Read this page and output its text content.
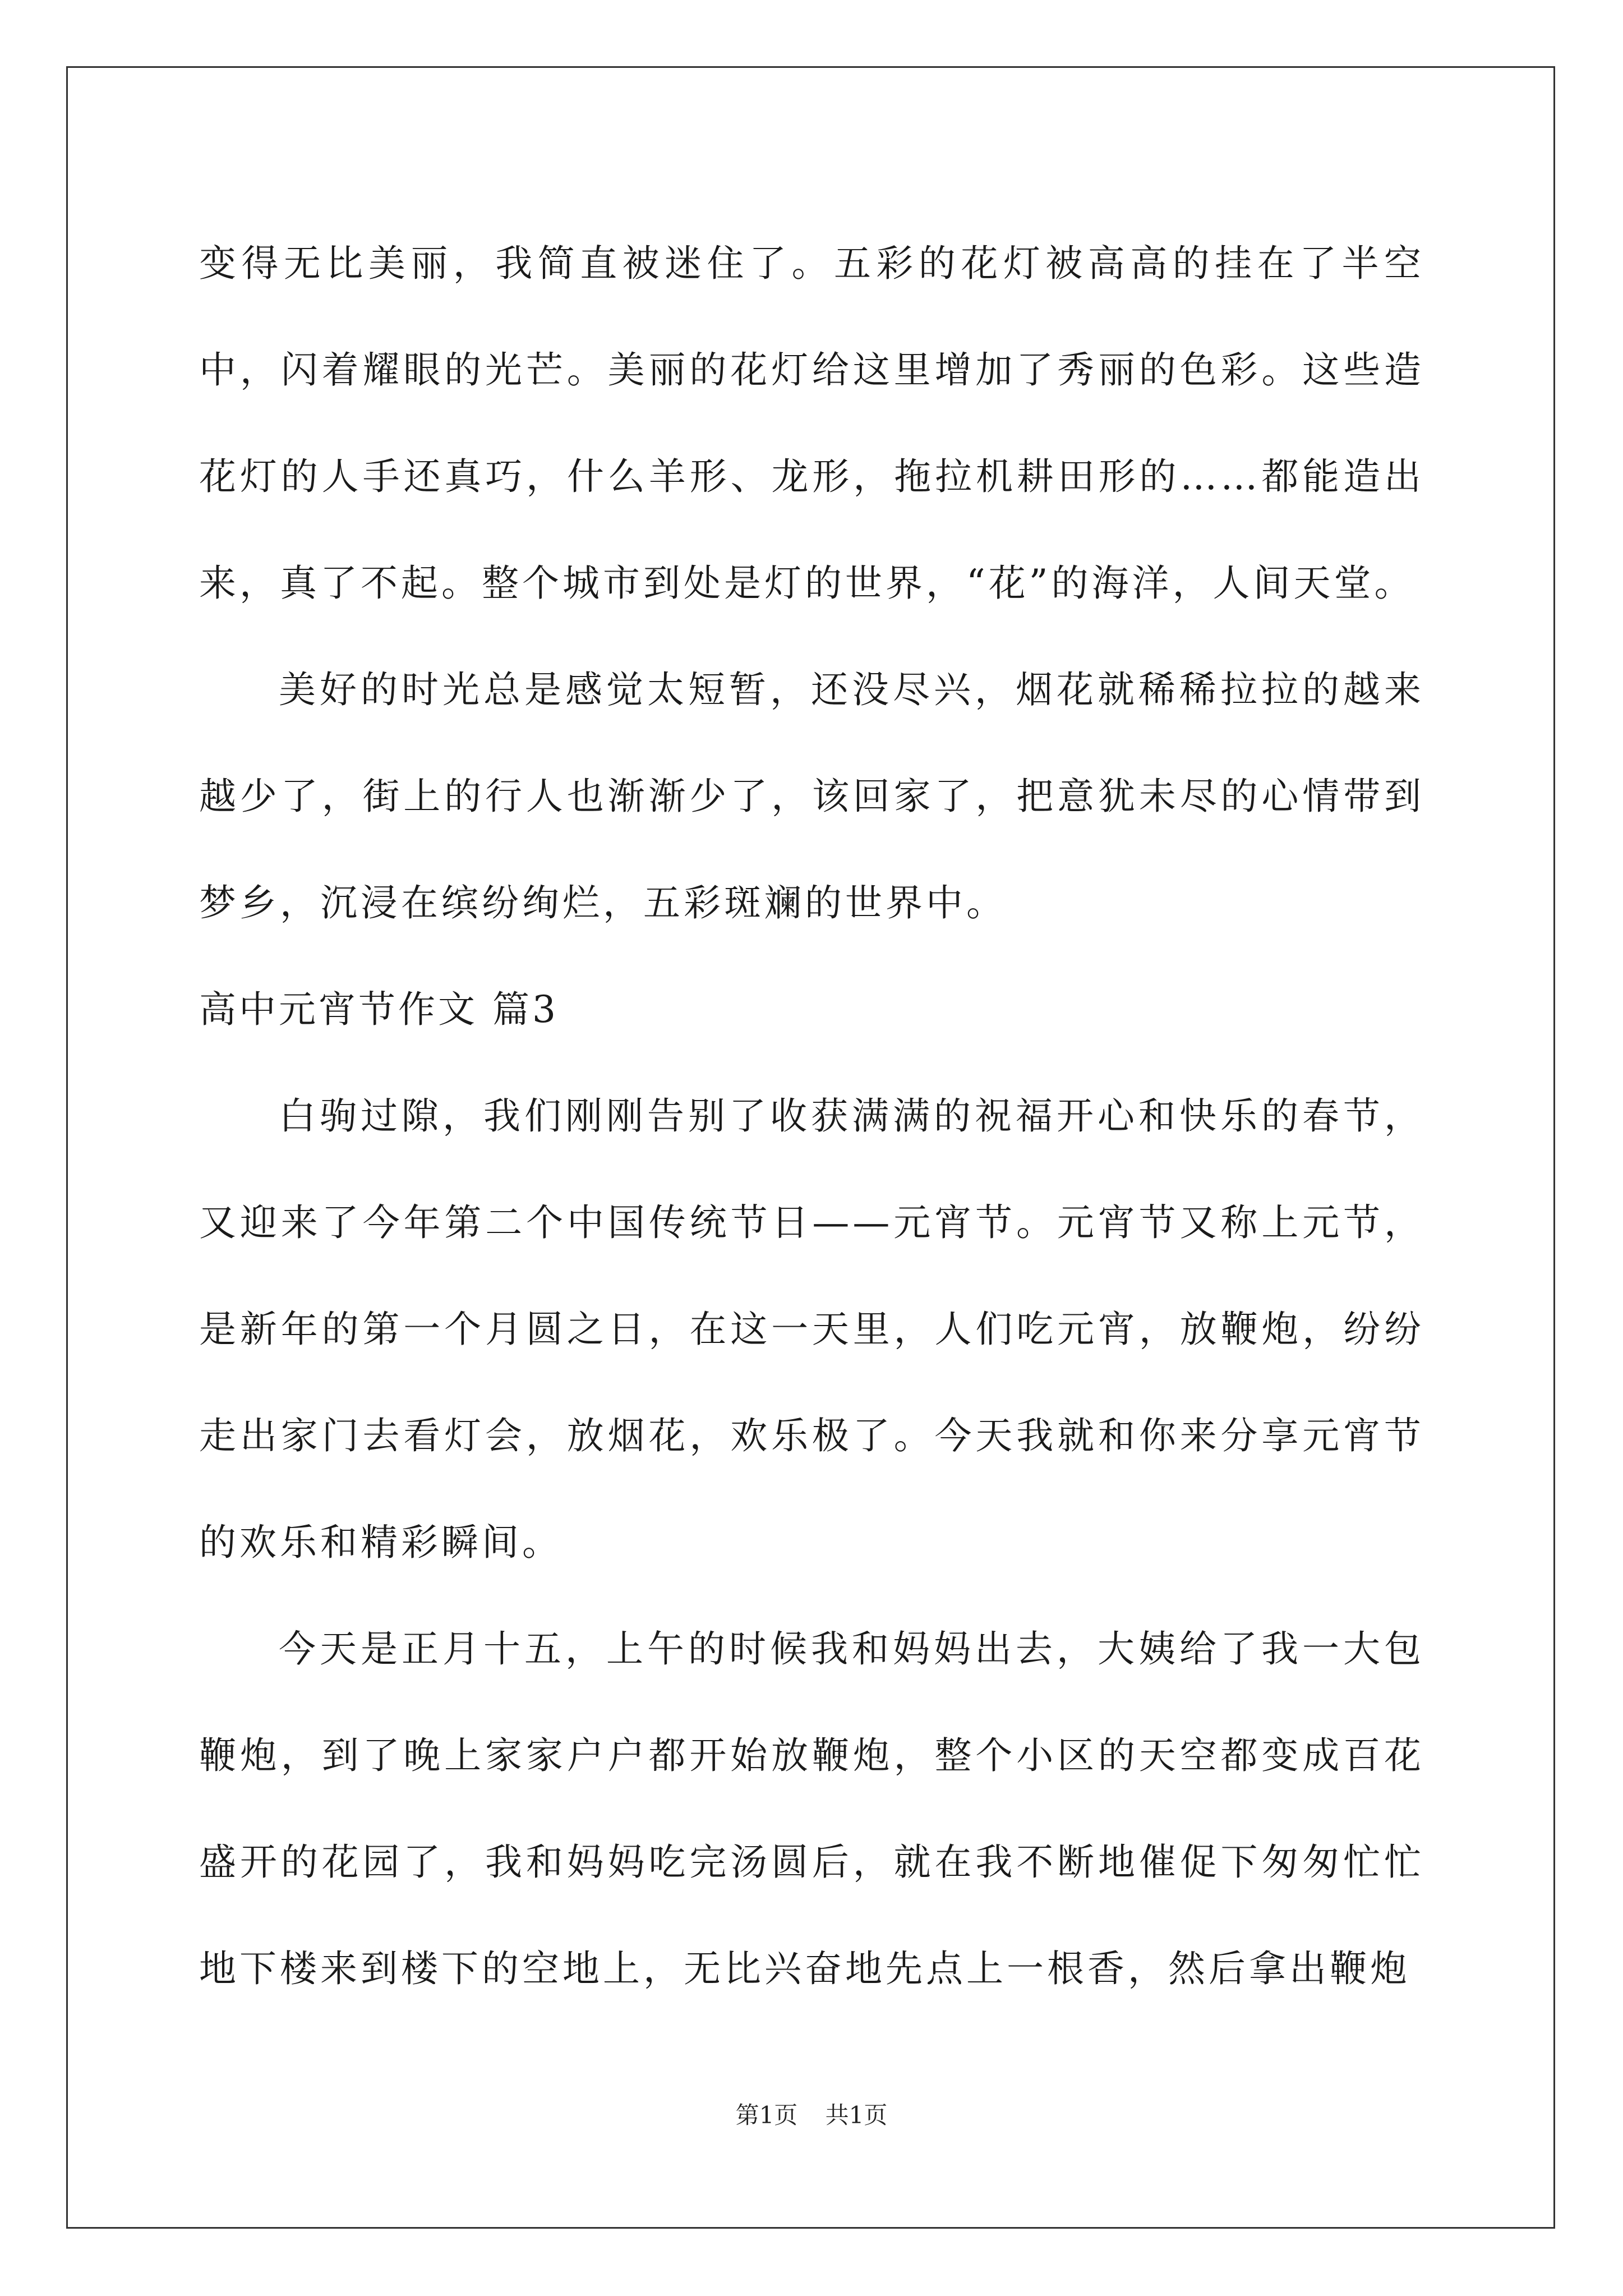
变得无比美丽，我简直被迷住了。五彩的花灯被高高的挂在了半空中，闪着耀眼的光芒。美丽的花灯给这里增加了秀丽的色彩。这些造花灯的人手还真巧，什么羊形、龙形，拖拉机耕田形的……都能造出来，真了不起。整个城市到处是灯的世界，“花”的海洋，人间天堂。

美好的时光总是感觉太短暂，还没尽兴，烟花就稀稀拉拉的越来越少了，街上的行人也渐渐少了，该回家了，把意犹未尽的心情带到梦乡，沉浸在缤纷绚烂，五彩斑斓的世界中。

高中元宵节作文 篇3

白驹过隙，我们刚刚告别了收获满满的祝福开心和快乐的春节，又迎来了今年第二个中国传统节日——元宵节。元宵节又称上元节，是新年的第一个月圆之日，在这一天里，人们吃元宵，放鞭炮，纷纷走出家门去看灯会，放烟花，欢乐极了。今天我就和你来分享元宵节的欢乐和精彩瞬间。

今天是正月十五，上午的时候我和妈妈出去，大姨给了我一大包鞭炮，到了晚上家家户户都开始放鞭炮，整个小区的天空都变成百花盛开的花园了，我和妈妈吃完汤圆后，就在我不断地催促下匆匆忙忙地下楼来到楼下的空地上，无比兴奋地先点上一根香，然后拿出鞭炮

第1页 共1页
